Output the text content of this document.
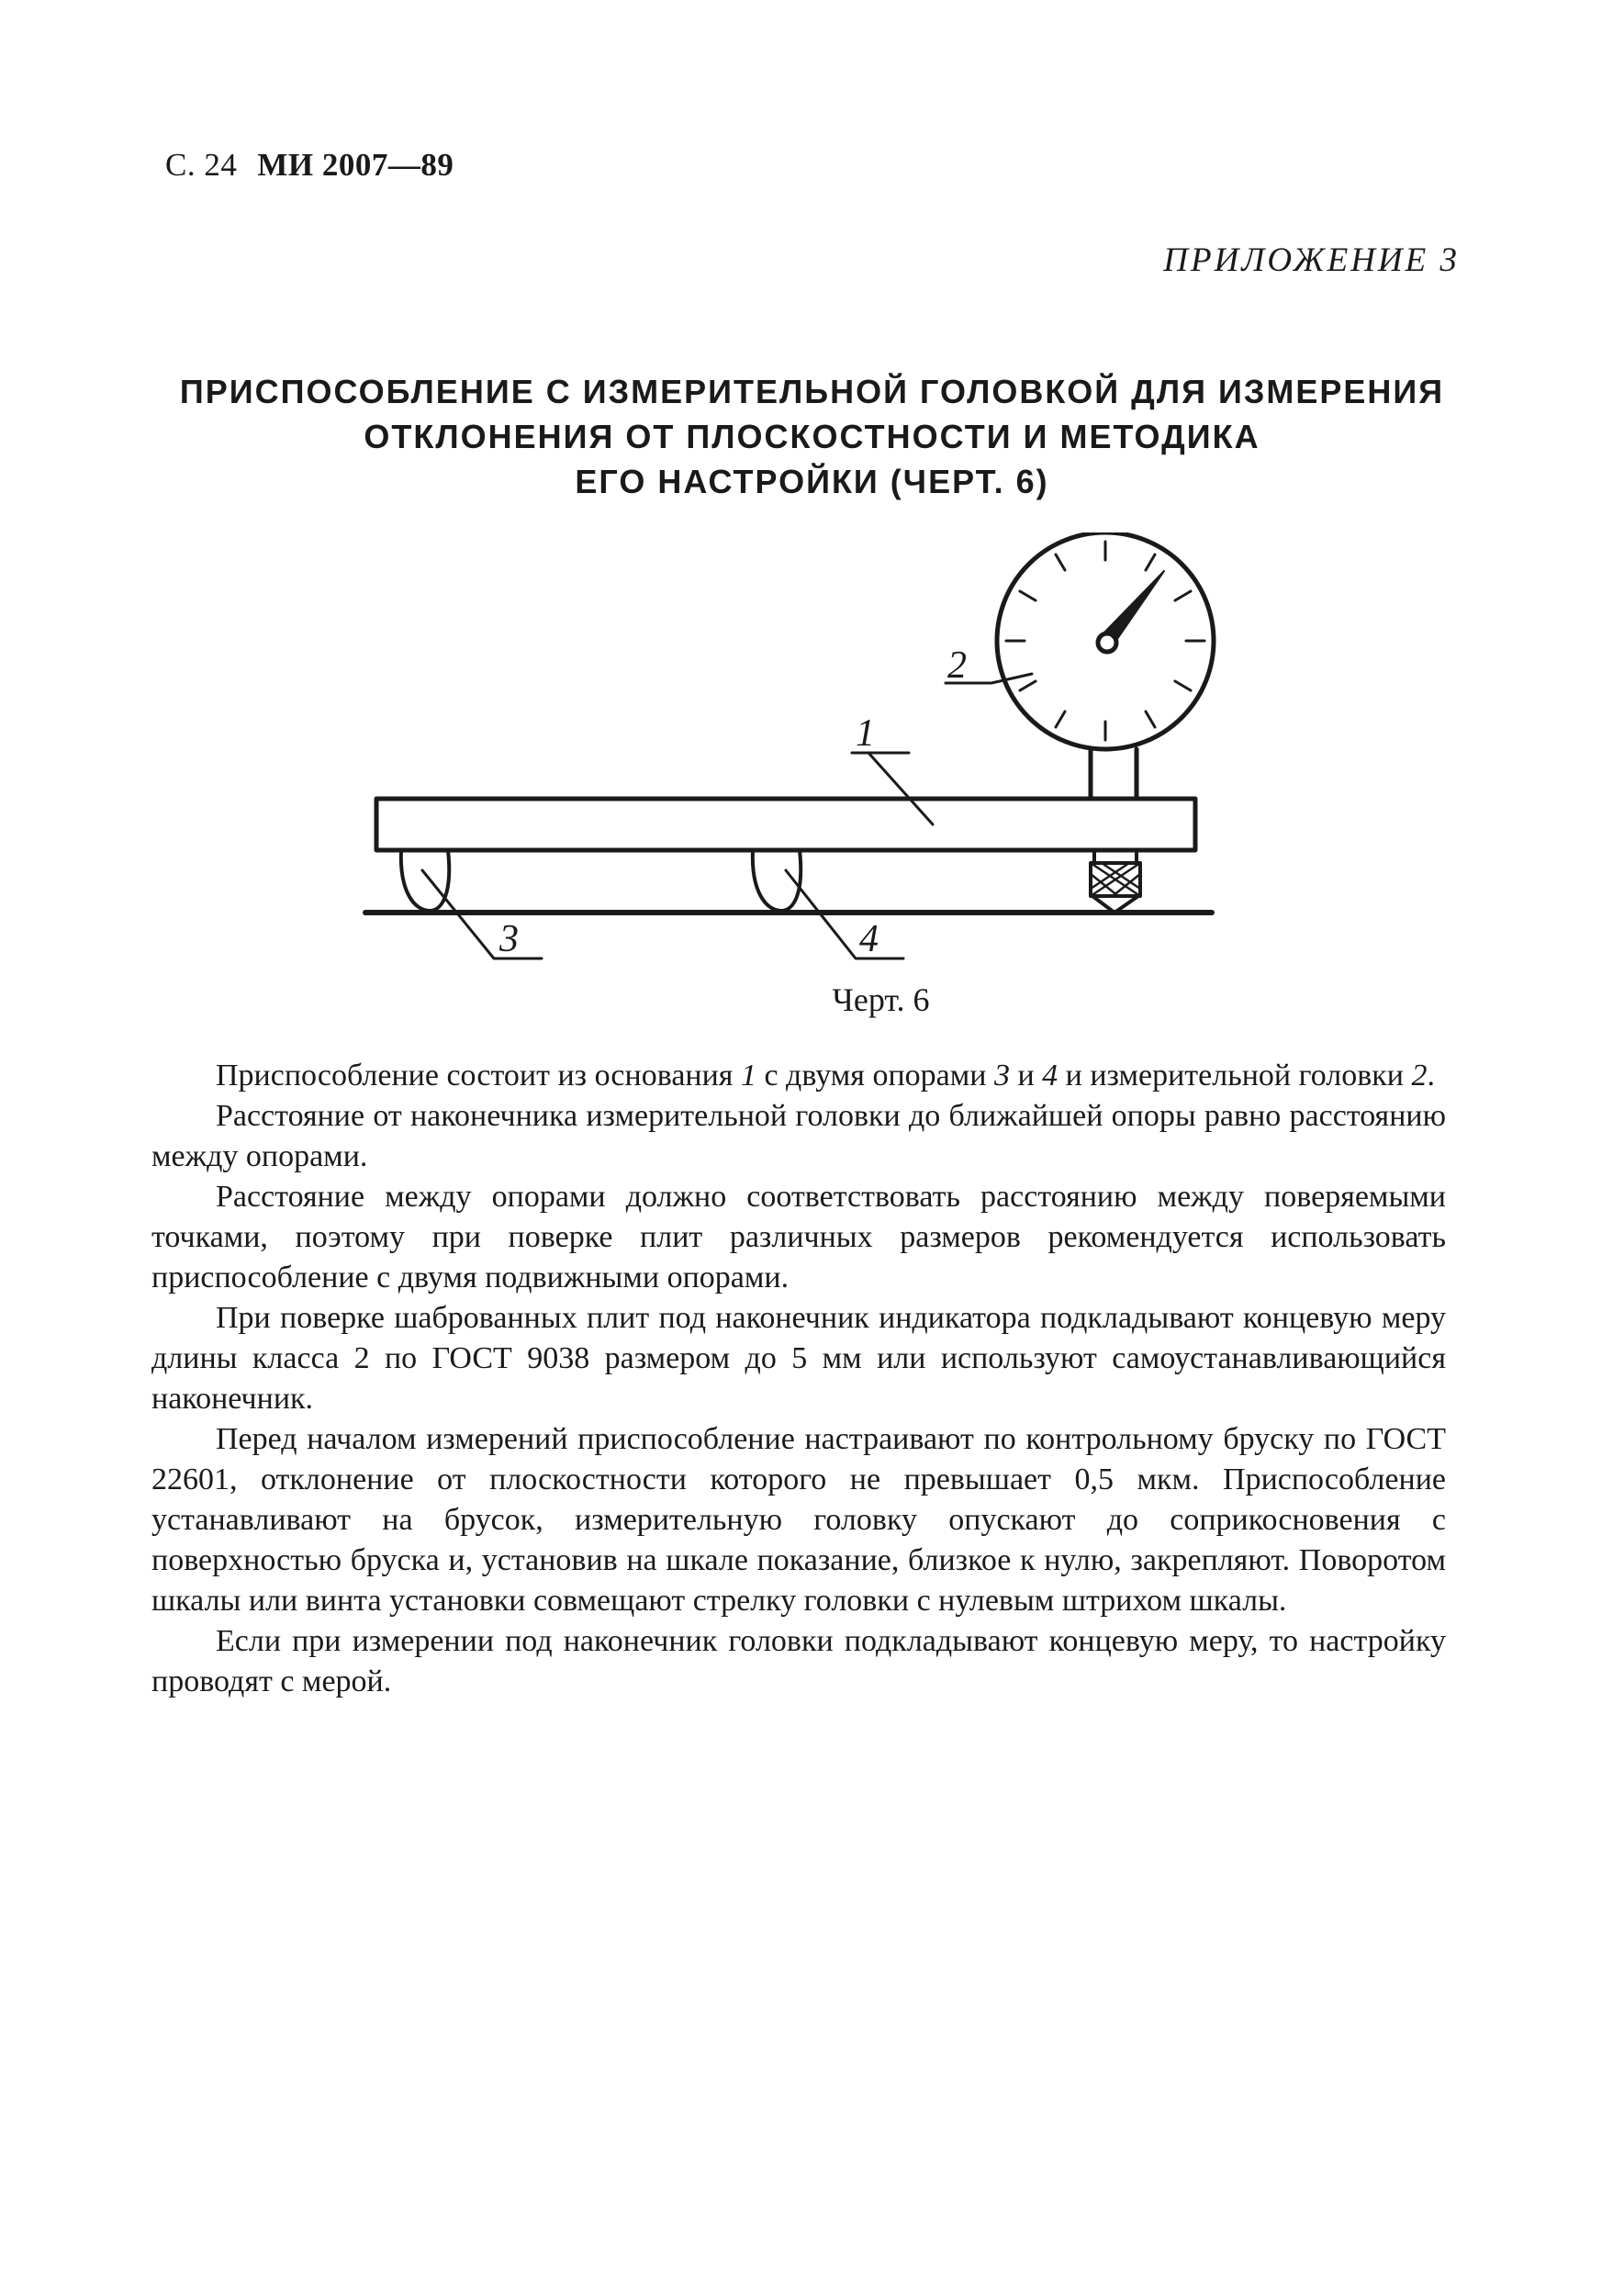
С. 24 МИ 2007—89
ПРИЛОЖЕНИЕ 3
ПРИСПОСОБЛЕНИЕ С ИЗМЕРИТЕЛЬНОЙ ГОЛОВКОЙ ДЛЯ ИЗМЕРЕНИЯ
ОТКЛОНЕНИЯ ОТ ПЛОСКОСТНОСТИ И МЕТОДИКА
ЕГО НАСТРОЙКИ (ЧЕРТ. 6)
1
2
3	4
Черт. 6

Приспособление состоит из основания 1 с двумя опорами 3 и 4 и измерительной головки 2.

Расстояние от наконечника измерительной головки до ближайшей опоры равно расстоянию между опорами.

Расстояние между опорами должно соответствовать расстоянию между поверяемыми точками, поэтому при поверке плит различных размеров рекомендуется использовать приспособление с двумя подвижными опорами.

При поверке шаброванных плит под наконечник индикатора подкладывают концевую меру длины класса 2 по ГОСТ 9038 размером до 5 мм или используют самоустанавливающийся наконечник.

Перед началом измерений приспособление настраивают по контрольному бруску по ГОСТ 22601, отклонение от плоскостности которого не превышает 0,5 мкм. Приспособление устанавливают на брусок, измерительную головку опускают до соприкосновения с поверхностью бруска и, установив на шкале показание, близкое к нулю, закрепляют. Поворотом шкалы или винта установки совмещают стрелку головки с нулевым штрихом шкалы.

Если при измерении под наконечник головки подкладывают концевую меру, то настройку проводят с мерой.
